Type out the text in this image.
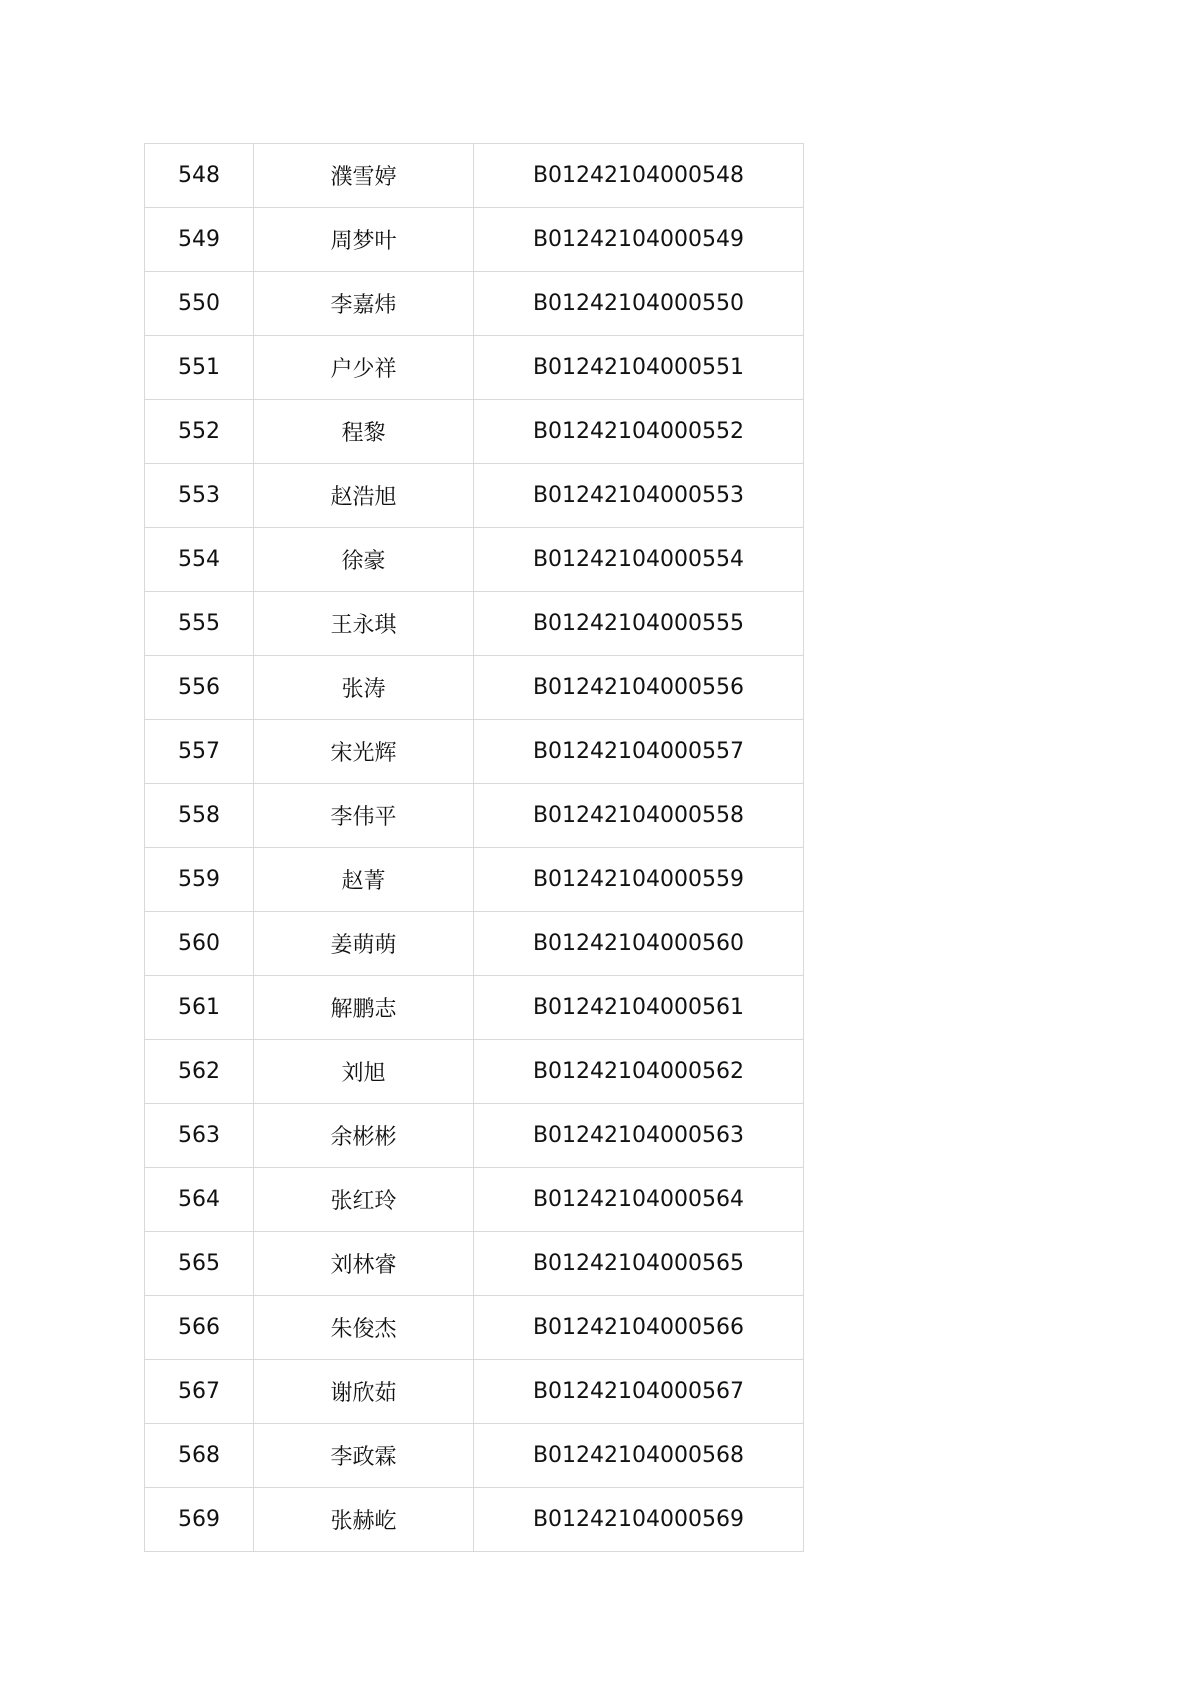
548	濮雪婷	B01242104000548
549	周梦叶	B01242104000549
550	李嘉炜	B01242104000550
551	户少祥	B01242104000551
552	程黎	B01242104000552
553	赵浩旭	B01242104000553
554	徐豪	B01242104000554
555	王永琪	B01242104000555
556	张涛	B01242104000556
557	宋光辉	B01242104000557
558	李伟平	B01242104000558
559	赵菁	B01242104000559
560	姜萌萌	B01242104000560
561	解鹏志	B01242104000561
562	刘旭	B01242104000562
563	余彬彬	B01242104000563
564	张红玲	B01242104000564
565	刘林睿	B01242104000565
566	朱俊杰	B01242104000566
567	谢欣茹	B01242104000567
568	李政霖	B01242104000568
569	张赫屹	B01242104000569
